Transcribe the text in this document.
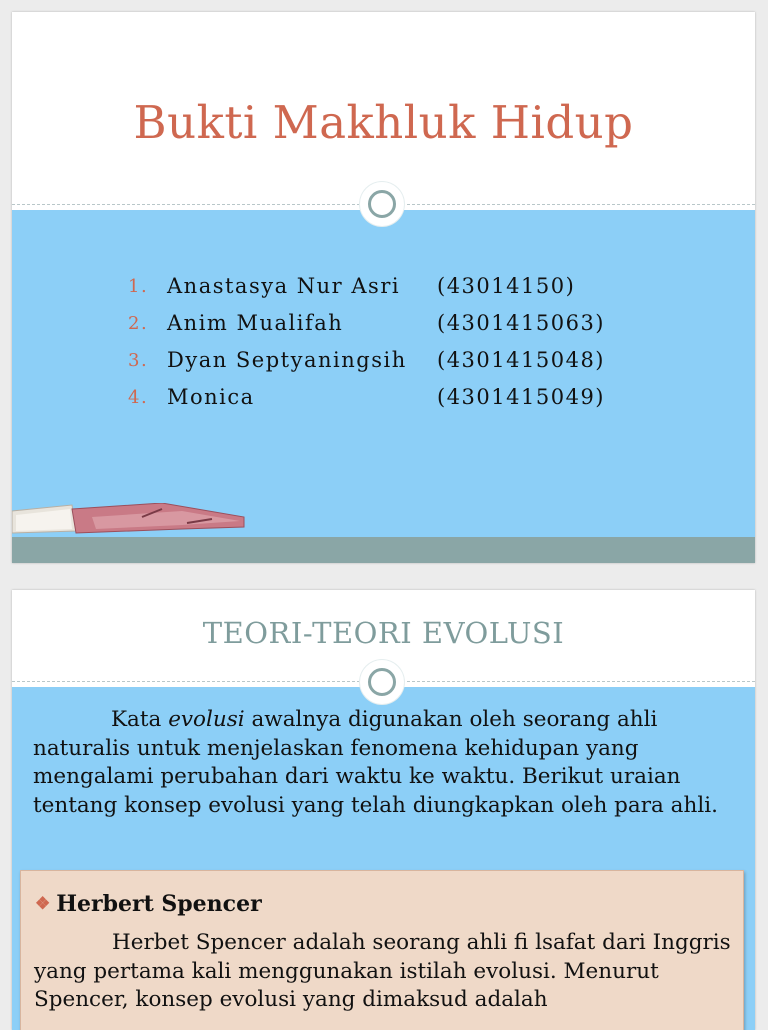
Bukti Makhluk Hidup
1. Anastasya Nur Asri (43014150)
2. Anim Mualifah	(4301415063)
3. Dyan Septyaningsih (4301415048)
4. Monica	(4301415049)
TEORI-TEORI EVOLUSI

Kata evolusi awalnya digunakan oleh seorang ahli naturalis untuk menjelaskan fenomena kehidupan yang mengalami perubahan dari waktu ke waktu. Berikut uraian tentang konsep evolusi yang telah diungkapkan oleh para ahli.

❖ Herbert Spencer

Herbet Spencer adalah seorang ahli fi lsafat dari Inggris yang pertama kali menggunakan istilah evolusi. Menurut Spencer, konsep evolusi yang dimaksud adalah
